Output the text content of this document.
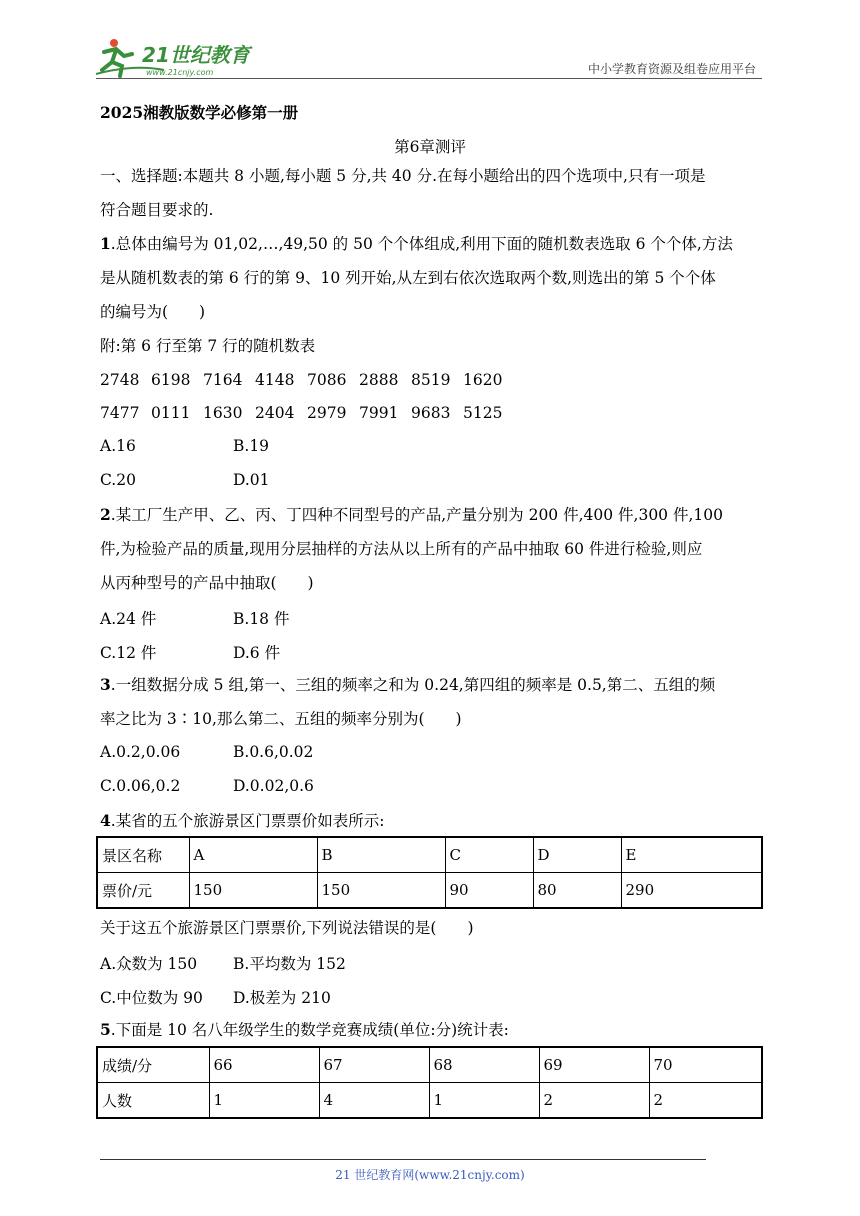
21世纪教育
www.21cnjy.com	中小学教育资源及组卷应用平台
2025湘教版数学必修第一册
第6章测评
一、选择题:本题共 8 小题,每小题 5 分,共 40 分.在每小题给出的四个选项中,只有一项是
符合题目要求的.
1.总体由编号为 01,02,…,49,50 的 50 个个体组成,利用下面的随机数表选取 6 个个体,方法
是从随机数表的第 6 行的第 9、10 列开始,从左到右依次选取两个数,则选出的第 5 个个体
的编号为(　　)
附:第 6 行至第 7 行的随机数表
2748 6198 7164 4148 7086 2888 8519 1620
7477 0111 1630 2404 2979 7991 9683 5125
A.16	B.19
C.20	D.01
2.某工厂生产甲、乙、丙、丁四种不同型号的产品,产量分别为 200 件,400 件,300 件,100
件,为检验产品的质量,现用分层抽样的方法从以上所有的产品中抽取 60 件进行检验,则应
从丙种型号的产品中抽取(　　)
A.24 件	B.18 件
C.12 件	D.6 件
3.一组数据分成 5 组,第一、三组的频率之和为 0.24,第四组的频率是 0.5,第二、五组的频
率之比为 3∶10,那么第二、五组的频率分别为(　　)
A.0.2,0.06	B.0.6,0.02
C.0.06,0.2	D.0.02,0.6
4.某省的五个旅游景区门票票价如表所示:
景区名称	A	B	C	D	E
票价/元	150	150	90	80	290
关于这五个旅游景区门票票价,下列说法错误的是(　　)
A.众数为 150 B.平均数为 152
C.中位数为 90 D.极差为 210
5.下面是 10 名八年级学生的数学竞赛成绩(单位:分)统计表:
成绩/分	66	67	68	69	70
人数	1	4	1	2	2
21 世纪教育网(www.21cnjy.com)
